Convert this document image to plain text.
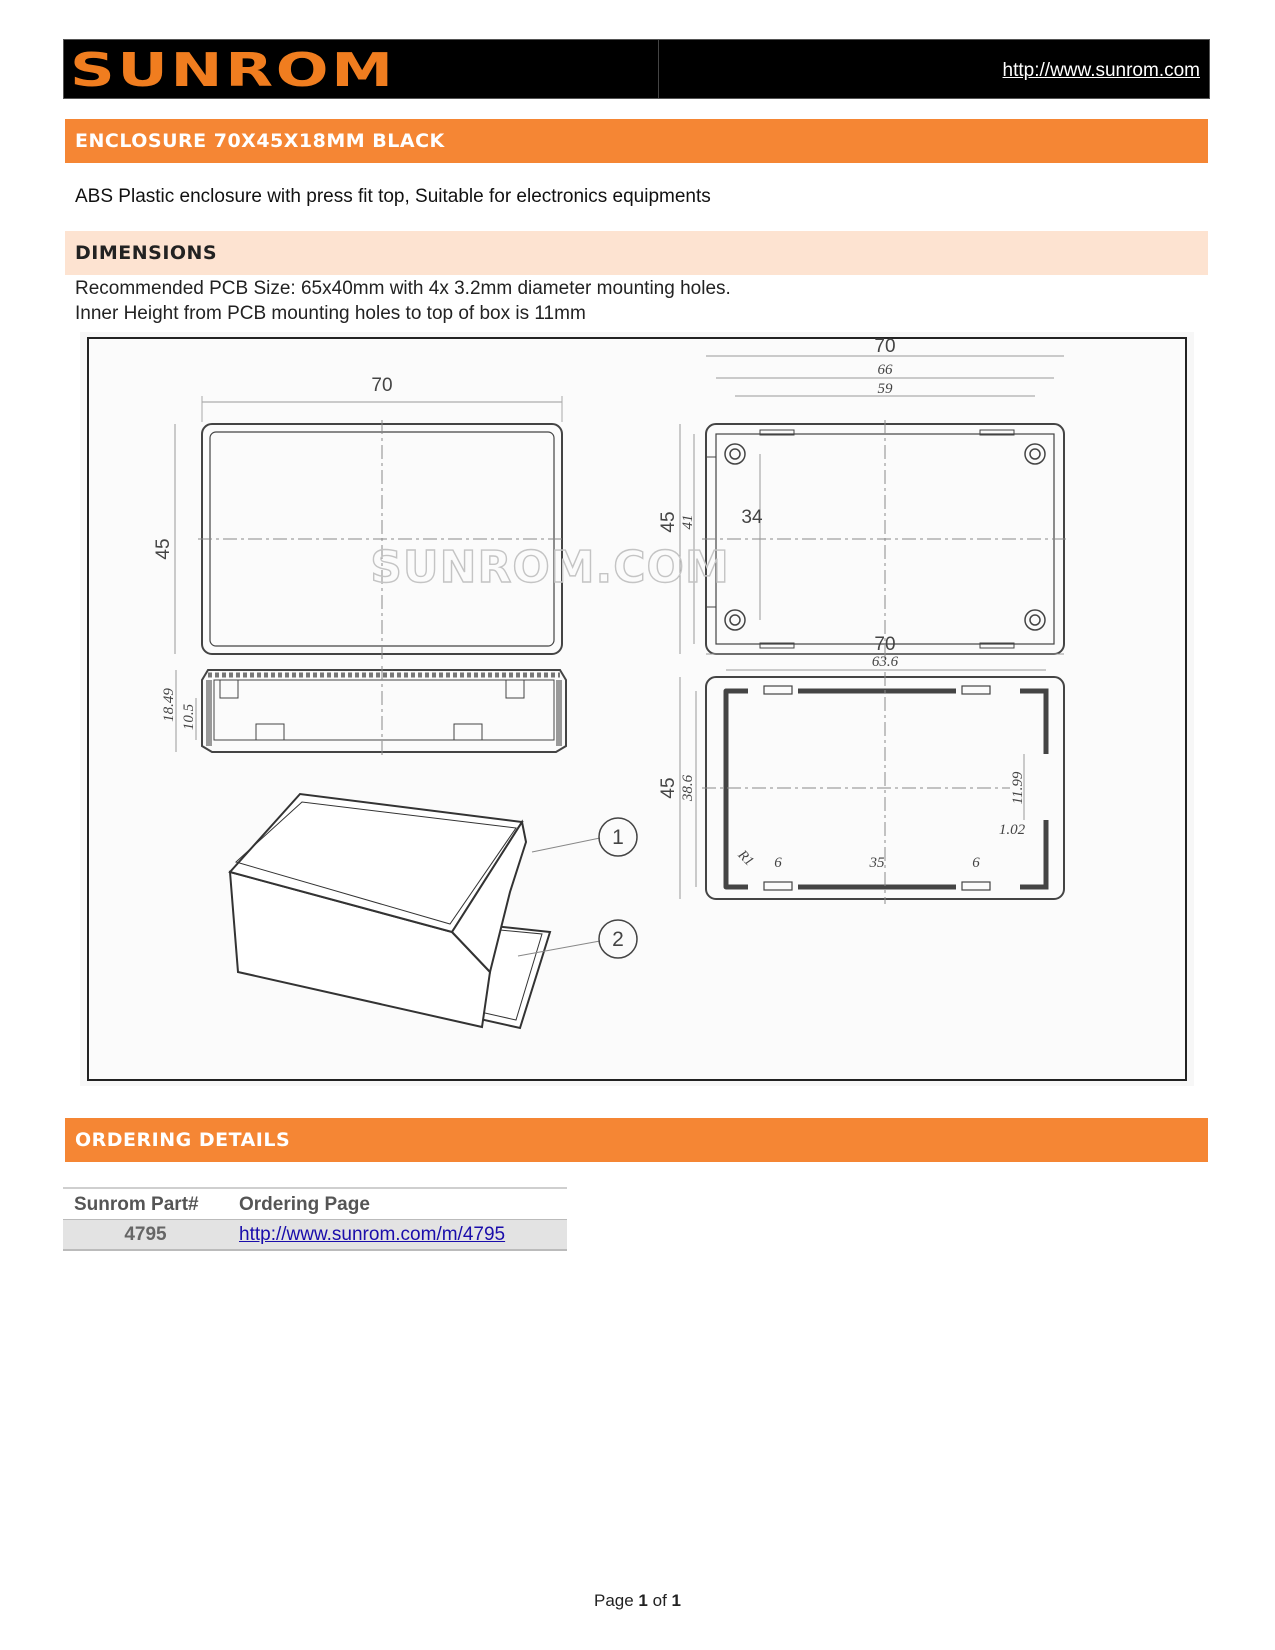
SUNROM	http://www.sunrom.com
ENCLOSURE 70X45X18MM BLACK
ABS Plastic enclosure with press fit top, Suitable for electronics equipments
DIMENSIONS
Recommended PCB Size: 65x40mm with 4x 3.2mm diameter mounting holes.
Inner Height from PCB mounting holes to top of box is 11mm
70
45
70
66
59
45 41 34
SUNROM.COM
18.49 10.5
1
2
70
63.6
45 38.6	11.99
1.02
R1 6	35	6
ORDERING DETAILS
Sunrom Part#	Ordering Page
4795	http://www.sunrom.com/m/4795
Page 1 of 1
